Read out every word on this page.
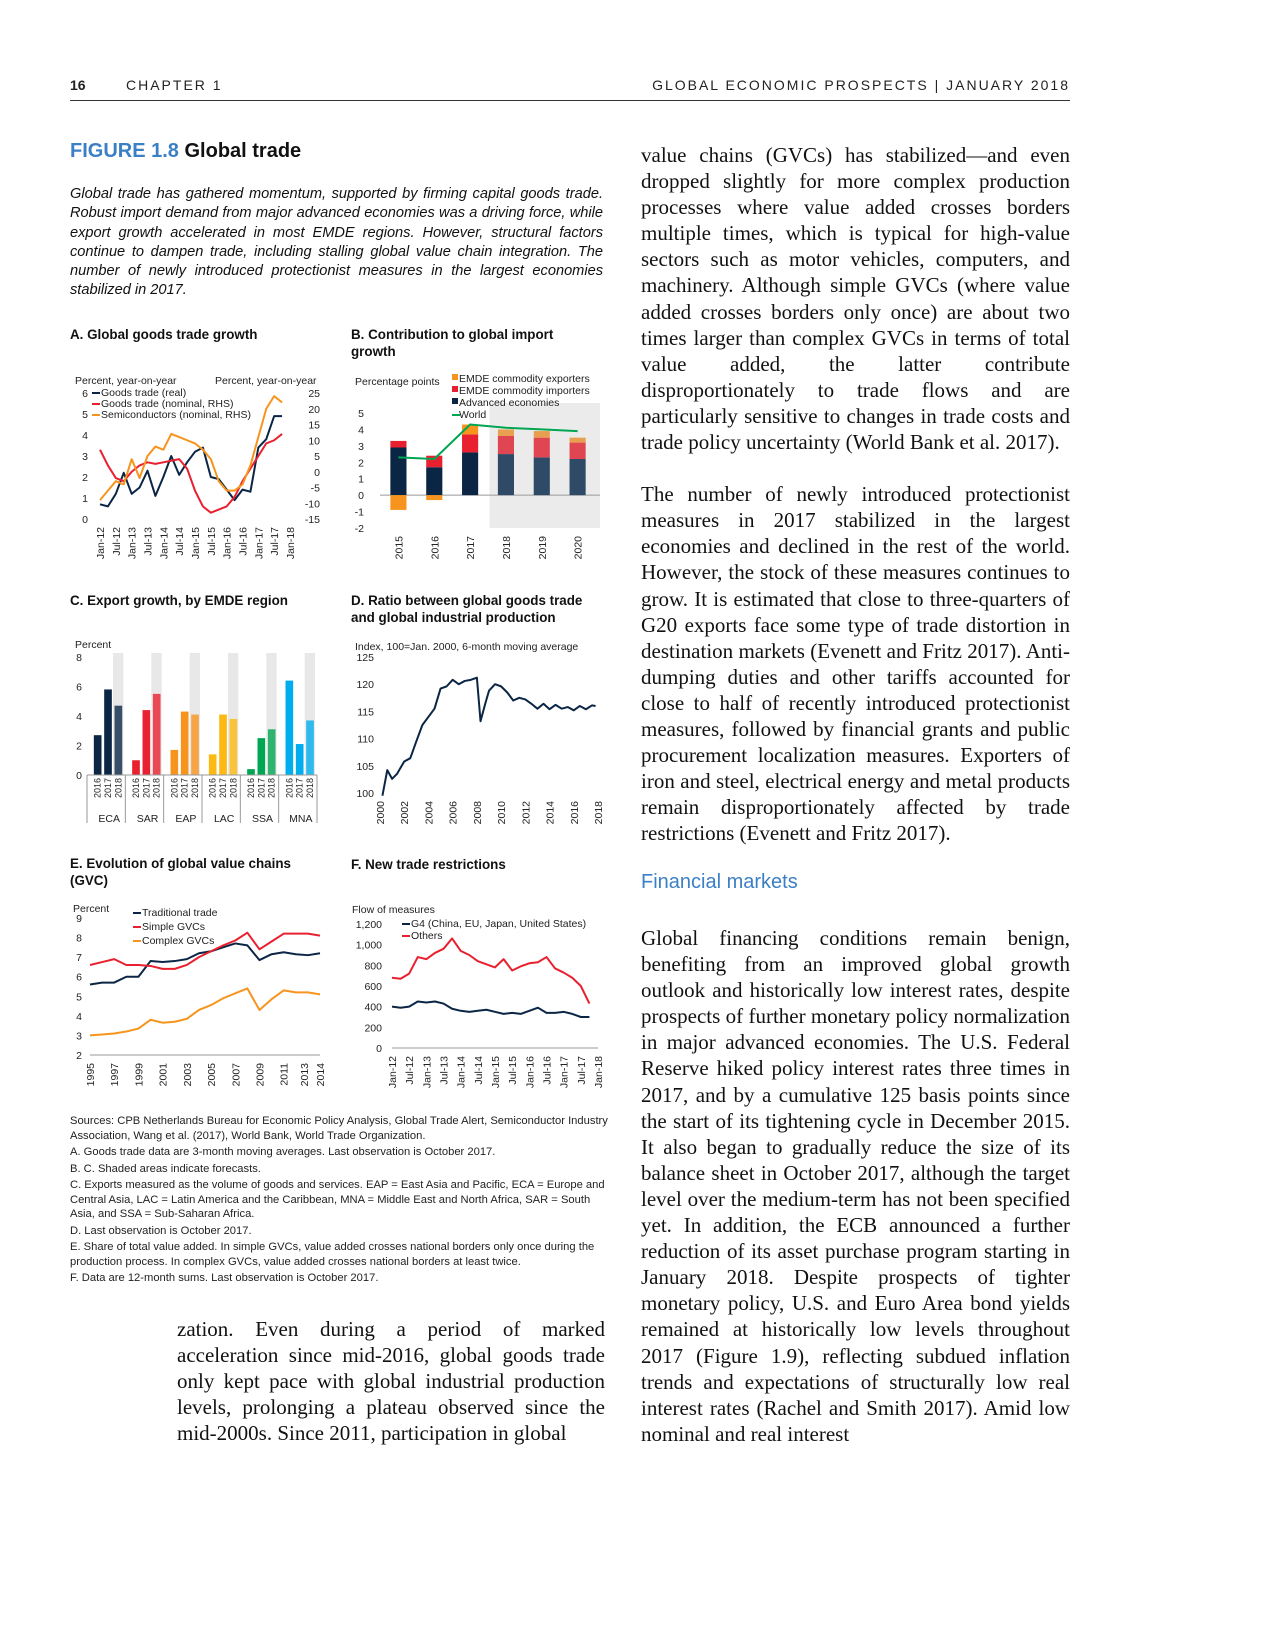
16	CHAPTER 1	GLOBAL ECONOMIC PROSPECTS | JANUARY 2018
FIGURE 1.8 Global trade
Global trade has gathered momentum, supported by firming capital goods trade. Robust import demand from major advanced economies was a driving force, while export growth accelerated in most EMDE regions. However, structural factors continue to dampen trade, including stalling global value chain integration. The number of newly introduced protectionist measures in the largest economies stabilized in 2017.
A. Global goods trade growth	B. Contribution to global import growth
C. Export growth, by EMDE region	D. Ratio between global goods trade and global industrial production
E. Evolution of global value chains (GVC)
F. New trade restrictions
Percent, year-on-year	Percent, year-on-year
0
1
2
3
4
5
6
-15
-10
-5
0
5
10
15
20
25
Jan-12 Jul-12 Jan-13 Jul-13 Jan-14 Jul-14 Jan-15 Jul-15 Jan-16 Jul-16 Jan-17 Jul-17 Jan-18
Goods trade (real)
Goods trade (nominal, RHS)
Semiconductors (nominal, RHS)
Percentage points
-2
-1
0
1
2
3
4
5
2015 2016 2017 2018 2019 2020
EMDE commodity exporters
EMDE commodity importers
Advanced economies
World
Percent
0
2
4
6
8
2016 2017 2018
ECA
2016 2017 2018
SAR
2016 2017 2018
EAP
2016 2017 2018
LAC
2016 2017 2018
SSA
2016 2017 2018
MNA
Index, 100=Jan. 2000, 6-month moving average
100
105
110
115
120
125
2000 2002 2004 2006 2008 2010 2012 2014 2016 2018
Percent
2
3
4
5
6
7
8
9
1995 1997 1999 2001 2003 2005 2007 2009 2011 2013 2014
Traditional trade
Simple GVCs
Complex GVCs
Flow of measures
0
200
400
600
800
1,000
1,200
Jan-12 Jul-12 Jan-13 Jul-13 Jan-14 Jul-14 Jan-15 Jul-15 Jan-16 Jul-16 Jan-17 Jul-17 Jan-18
G4 (China, EU, Japan, United States)
Others

Sources: CPB Netherlands Bureau for Economic Policy Analysis, Global Trade Alert, Semiconductor Industry Association, Wang et al. (2017), World Bank, World Trade Organization.

A. Goods trade data are 3-month moving averages. Last observation is October 2017.

B. C. Shaded areas indicate forecasts.

C. Exports measured as the volume of goods and services. EAP = East Asia and Pacific, ECA = Europe and Central Asia, LAC = Latin America and the Caribbean, MNA = Middle East and North Africa, SAR = South Asia, and SSA = Sub-Saharan Africa.

D. Last observation is October 2017.

E. Share of total value added. In simple GVCs, value added crosses national borders only once during the production process. In complex GVCs, value added crosses national borders at least twice.

F. Data are 12-month sums. Last observation is October 2017.

zation. Even during a period of marked acceleration since mid-2016, global goods trade only kept pace with global industrial production levels, prolonging a plateau observed since the mid-2000s. Since 2011, participation in global

value chains (GVCs) has stabilized—and even dropped slightly for more complex production processes where value added crosses borders multiple times, which is typical for high-value sectors such as motor vehicles, computers, and machinery. Although simple GVCs (where value added crosses borders only once) are about two times larger than complex GVCs in terms of total value added, the latter contribute disproportionately to trade flows and are particularly sensitive to changes in trade costs and trade policy uncertainty (World Bank et al. 2017).

The number of newly introduced protectionist measures in 2017 stabilized in the largest economies and declined in the rest of the world. However, the stock of these measures continues to grow. It is estimated that close to three-quarters of G20 exports face some type of trade distortion in destination markets (Evenett and Fritz 2017). Anti-dumping duties and other tariffs accounted for close to half of recently introduced protectionist measures, followed by financial grants and public procurement localization measures. Exporters of iron and steel, electrical energy and metal products remain disproportionately affected by trade restrictions (Evenett and Fritz 2017).

Financial markets

Global financing conditions remain benign, benefiting from an improved global growth outlook and historically low interest rates, despite prospects of further monetary policy normalization in major advanced economies. The U.S. Federal Reserve hiked policy interest rates three times in 2017, and by a cumulative 125 basis points since the start of its tightening cycle in December 2015. It also began to gradually reduce the size of its balance sheet in October 2017, although the target level over the medium-term has not been specified yet. In addition, the ECB announced a further reduction of its asset purchase program starting in January 2018. Despite prospects of tighter monetary policy, U.S. and Euro Area bond yields remained at historically low levels throughout 2017 (Figure 1.9), reflecting subdued inflation trends and expectations of structurally low real interest rates (Rachel and Smith 2017). Amid low nominal and real interest
